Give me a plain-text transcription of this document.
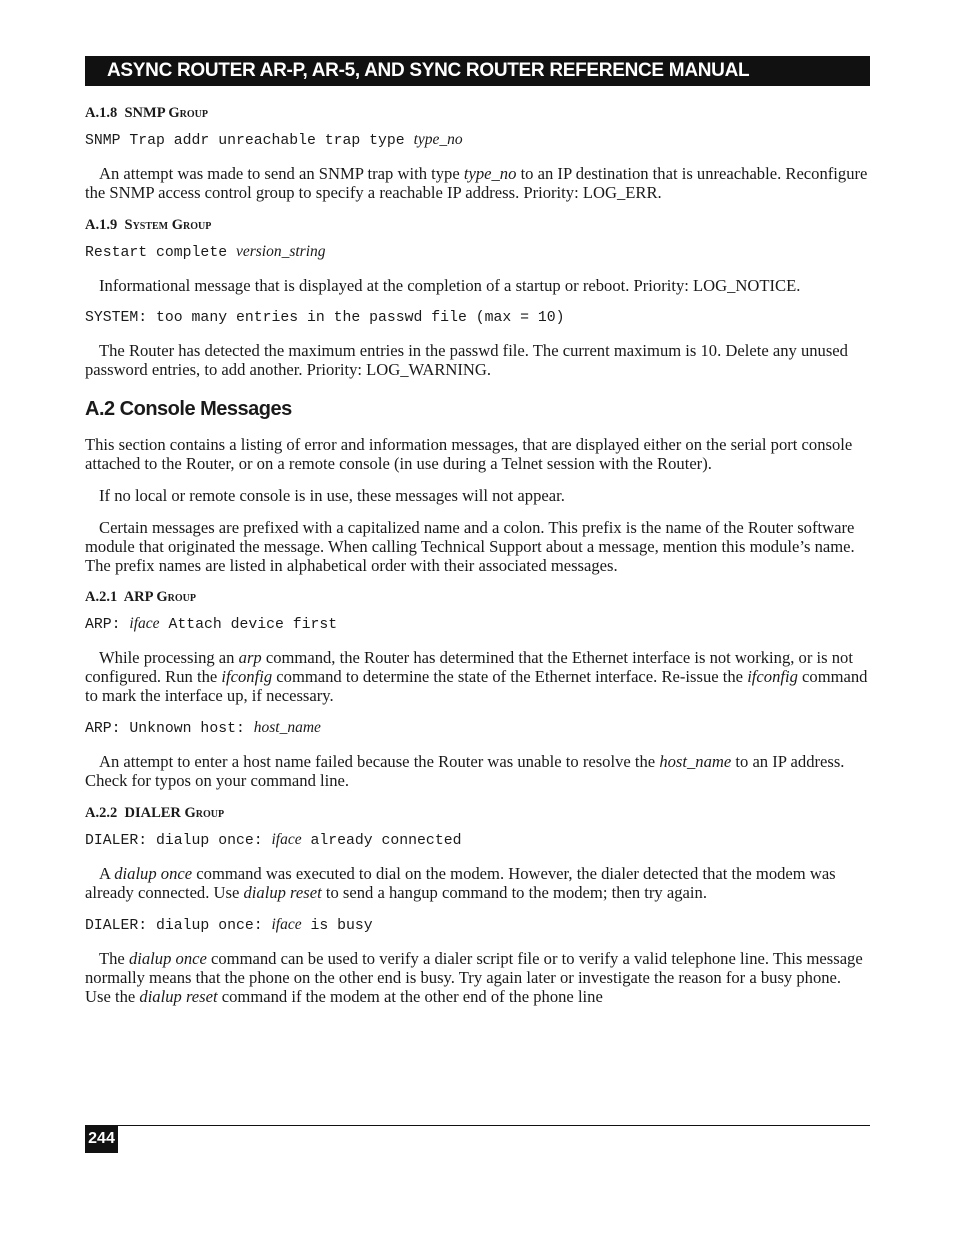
ASYNC ROUTER AR-P, AR-5, AND SYNC ROUTER REFERENCE MANUAL
A.1.8 SNMP Group
SNMP Trap addr unreachable trap type type_no

An attempt was made to send an SNMP trap with type type_no to an IP destination that is unreachable. Reconfigure the SNMP access control group to specify a reachable IP address. Priority: LOG_ERR.

A.1.9 System Group
Restart complete version_string

Informational message that is displayed at the completion of a startup or reboot. Priority: LOG_NOTICE.

SYSTEM: too many entries in the passwd file (max = 10)

The Router has detected the maximum entries in the passwd file. The current maximum is 10. Delete any unused password entries, to add another. Priority: LOG_WARNING.

A.2 Console Messages

This section contains a listing of error and information messages, that are displayed either on the serial port console attached to the Router, or on a remote console (in use during a Telnet session with the Router).

If no local or remote console is in use, these messages will not appear.

Certain messages are prefixed with a capitalized name and a colon. This prefix is the name of the Router software module that originated the message. When calling Technical Support about a message, mention this module’s name. The prefix names are listed in alphabetical order with their associated messages.

A.2.1 ARP Group
ARP: iface Attach device first

While processing an arp command, the Router has determined that the Ethernet interface is not working, or is not configured. Run the ifconfig command to determine the state of the Ethernet interface. Re-issue the ifconfig command to mark the interface up, if necessary.

ARP: Unknown host: host_name

An attempt to enter a host name failed because the Router was unable to resolve the host_name to an IP address. Check for typos on your command line.

A.2.2 DIALER Group
DIALER: dialup once: iface already connected

A dialup once command was executed to dial on the modem. However, the dialer detected that the modem was already connected. Use dialup reset to send a hangup command to the modem; then try again.

DIALER: dialup once: iface is busy

The dialup once command can be used to verify a dialer script file or to verify a valid telephone line. This message normally means that the phone on the other end is busy. Try again later or investigate the reason for a busy phone. Use the dialup reset command if the modem at the other end of the phone line

244
